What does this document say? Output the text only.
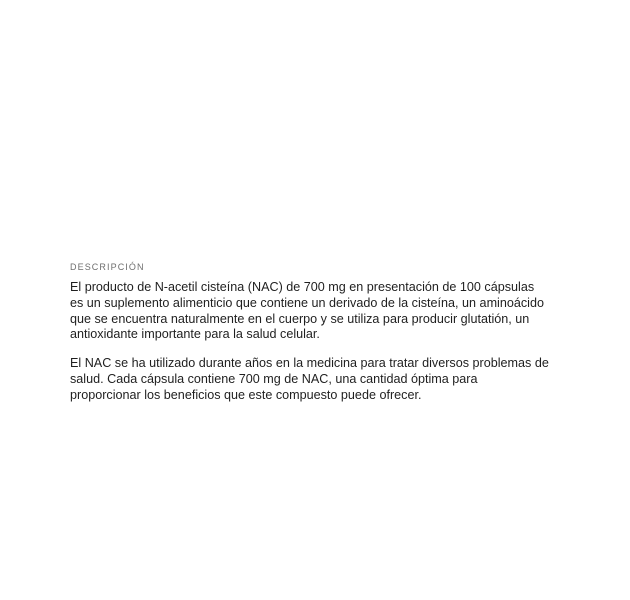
DESCRIPCIÓN

El producto de N-acetil cisteína (NAC) de 700 mg en presentación de 100 cápsulas es un suplemento alimenticio que contiene un derivado de la cisteína, un aminoácido que se encuentra naturalmente en el cuerpo y se utiliza para producir glutatión, un antioxidante importante para la salud celular.

El NAC se ha utilizado durante años en la medicina para tratar diversos problemas de salud. Cada cápsula contiene 700 mg de NAC, una cantidad óptima para proporcionar los beneficios que este compuesto puede ofrecer.
